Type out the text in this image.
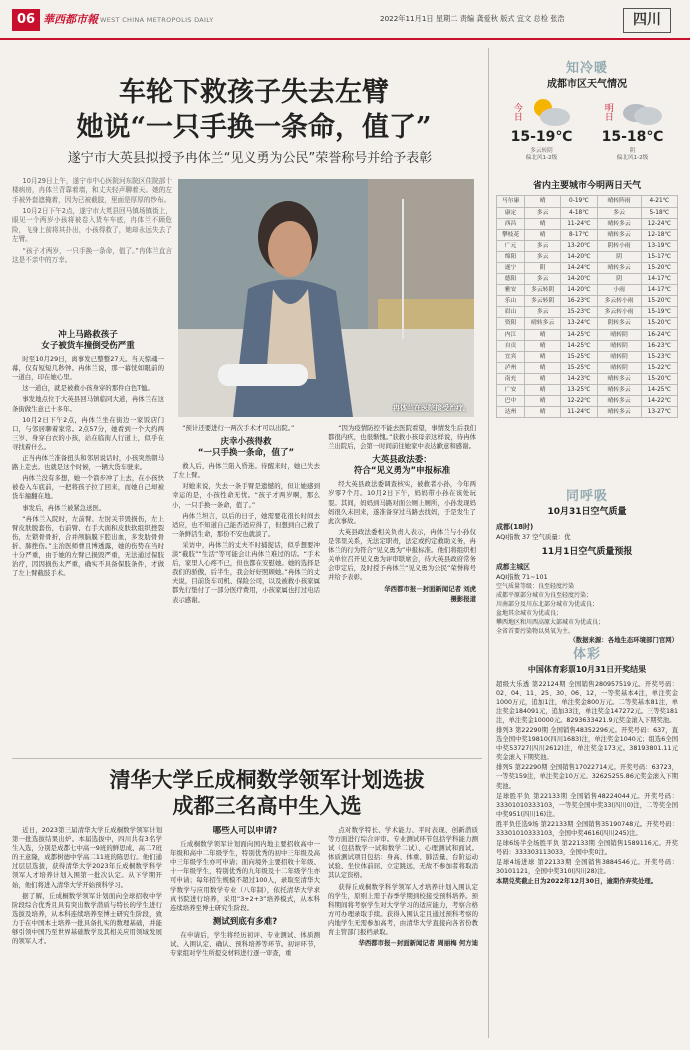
06 華西都市報 WEST CHINA METROPOLIS DAILY	2022年11月1日 星期二 责编 龚爱秋 版式 宜文 总检 张浩	四川
车轮下救孩子失去左臂
她说“一只手换一条命，值了”
遂宁市大英县拟授予冉体兰“见义勇为公民”荣誉称号并给予表彰

10月29日上午，遂宁市中心医院河东院区住院部十楼病房，冉体兰背靠着墙，和丈夫轻声聊着天。她的左手被外套遮掩着，因为已被截肢，里面是厚厚的纱布。

10月2日下午2点，遂宁市大英县回马镇场镇街上，眼见一个两岁小孩将被卷入货车车底，冉体兰不顾危险，飞身上前将其扑出，小孩得救了，她却永远失去了左臂。

“孩子才两岁，一只手换一条命，值了。”冉体兰直言这是不亲中的万幸。

冉体兰在医院接受治疗。
冲上马路救孩子
女子被货车撞倒受伤严重

时至10月29日，离事发已整整27天。当天惊魂一幕，仅有短短几秒钟。冉体兰说，那一幕恍如眼前的一道白，印在她心里。

这一道白，就是被救小孩身穿的那件白色T恤。

事发地点位于大英县回马镇临同大道，冉体兰在这条街做生意已十多年。

10月2日下午2点，冉体兰坐在街边一家饭店门口，与邻居聊着家常。2点57分，她看到一个大约两三岁、身穿白衣的小孩，站在临街人行道上，似乎在寻找着什么。

正当冉体兰准备扭头和邻居说话时，小孩突然朝马路上走去。也就是这个时候，一辆大货车驶来。

冉体兰没有多想，她一个箭步冲了上去，在小孩快被卷入车底前，一把将孩子拉了回来，而她自己却被货车撞翻在地。

事发后，冉体兰被紧急送医。

“冉体兰入院时，左前臂、左肘关节毁损伤，左上臂皮肤脱套伤，右前臂、右手大面积皮肤软组织挫裂伤，左锁骨骨折，合并颅脑膜下腔出血，多发肋骨骨折、肺挫伤。”主治医师曹且博透露，她的伤势在当时十分严重，由于她的左臂已损毁严重，无法通过保肢治疗，因因损伤太严重，确实不具备保肢条件，才做了左上臂截肢手术。

“预计还要进行一两次手术才可以出院。”

庆幸小孩得救
“一只手换一条命，值了”

救人后，冉体兰陷入昏迷。待醒来时，她已失去了左上臂。

对她来说，失去一条手臂是遗憾的，但让她感到幸运的是，小孩性命无忧。“孩子才两岁啊，那么小，一只手换一条命，值了。”

冉体兰坦言，以后的日子，她需要花很长时间去适应，也不知道自己能否适应得了，但想到自己救了一条鲜活生命，那份不安也就淡了。

采访中，冉体兰的丈夫不时捕捉话，似乎想要冲淡“截肢”“生活”等可能会让冉体兰难过的话。“手术后，家里人心疼不已，但也都在安慰她。她的选择是我们的骄傲，后半生，我会好好照顾她。”冉体兰的丈夫说，目前货车司机、保险公司，以及被救小孩家属都先行垫付了一部分医疗费用，小孩家属也打过电话表示感谢。

“因为疫情防控不能去医院看望，事情发生后我们都很内疚，也很惭愧。”获救小孩母亲这样说，待冉体兰出院后，会第一时间前往她家中表达歉意和感谢。

大英县政法委：
符合“见义勇为”申报标准

经大英县政法委调查核实，被救者小孙，今年两岁零7个月。10月2日下午，妈妈带小孙在该处玩耍。其间，妈妈到马路对面公厕上厕所，小孙发现妈妈很久未回来，遂准备穿过马路去找妈，于是发生了此次事故。

大英县政法委相关负责人表示，冉体兰与小孙仅是邻里关系，无法定职责，法定或约定救助义务，冉体兰的行为符合“见义勇为”申报标准。他们将组织相关单位召开见义勇为评审联席会，待大英县政府常务会审定后，及时授予冉体兰“见义勇为公民”荣誉称号并给予表彰。

华西都市报－封面新闻记者 刘虎
摄影报道
知冷暖
成都市区天气情况
今日
15-19℃
多云转阴
偏北风1-2级
明日
15-18℃
阴
偏北风1-2级
省内主要城市今明两日天气
马尔康	晴	0-19℃	晴转阵雨	4-21℃
康定	多云	4-18℃	多云	5-18℃
西昌	晴	11-24℃	晴转多云	12-24℃
攀枝花	晴	8-17℃	晴转多云	12-18℃
广元	多云	13-20℃	阴转小雨	13-19℃
绵阳	多云	14-20℃	阴	15-17℃
遂宁	阴	14-24℃	晴转多云	15-20℃
德阳	多云	14-20℃	阴	14-17℃
雅安	多云转阴	14-20℃	小雨	14-17℃
乐山	多云转阴	16-23℃	多云转小雨	15-20℃
眉山	多云	15-23℃	多云转小雨	15-19℃
资阳	晴转多云	13-24℃	阴转多云	15-20℃
内江	晴	14-25℃	晴转阴	16-24℃
自贡	晴	14-25℃	晴转阴	16-23℃
宜宾	晴	15-25℃	晴转阴	15-23℃
泸州	晴	15-25℃	晴转阴	15-22℃
南充	晴	14-23℃	晴转多云	15-20℃
广安	晴	13-25℃	晴转多云	14-25℃
巴中	晴	12-22℃	晴转多云	14-22℃
达州	晴	11-24℃	晴转多云	13-27℃
同呼吸
10月31日空气质量
成都(18时)
AQI指数 37 空气质量：优
11月1日空气质量预报
成都主城区
AQI指数 71~101
空气质量等级：良至轻度污染
成都平原部分城市为良至轻度污染；
川南部分及川东北部分城市为优或良；
盆地其余城市为优或良；
攀西地区和川西高原大部城市为优或良；
全省首要污染物以臭氧为主。
（数据来源：各地生态环境部门官网）
体彩
中国体育彩票10月31日开奖结果

超级大乐透 第22124期 全国销售280957519元。开奖号码：02、04、11、25、30、06、12，一等奖基本4注，单注奖金1000万元，追加1注，单注奖金800万元。二等奖基本81注，单注奖金184091元，追加33注，单注奖金147272元。三等奖181注，单注奖金10000元。8293633421.9元奖金滚入下期奖池。

排列3 第22290期 全国销售48352296元。开奖号码：637，直选全国中奖19810(四川1683)注，单注奖金1040元；组选6全国中奖53727(四川2612)注，单注奖金173元。38193801.11元奖金滚入下期奖池。

排列5 第22290期 全国销售17022714元。开奖号码：63723，一等奖159注，单注奖金10万元。32625255.86元奖金滚入下期奖池。

足球胜平负 第22133期 全国销售48224044元。开奖号码：33301010333103，一等奖全国中奖33(四川0)注，二等奖全国中奖951(四川16)注。

胜平负任选9场 第22133期 全国销售35190748元。开奖号码：33301010333103，全国中奖4616(四川245)注。

足球6场半全场胜平负 第22133期 全国销售1589116元。开奖号码：333303113033，全国中奖0注。

足球4场进球 第22133期 全国销售3884546元。开奖号码：30101121，全国中奖310(四川28)注。

本期兑奖截止日为2022年12月30日，逾期作弃奖处理。

清华大学丘成桐数学领军计划选拔
成都三名高中生入选

近日，2023第三届清华大学丘成桐数学领军计划第一批选拔结果出炉。本届选拔中，四川共有3名学生入选，分别是成都七中高一9班的鲜思成、高二7班的王意隆，成都树德中学高二11班的陈思行。他们通过层层选拔，获得清华大学2023年丘成桐数学科学领军人才培养计划入围第一批次认定。从下学期开始，他们将进入清华大学开始预科学习。

据了解，丘成桐数学领军计划面向全球招收中学阶段综合优秀且具有突出数学潜质与特长的学生进行选拔及培养，从本科连续培养至博士研究生阶段，致力于在中国本土培养一批具备扎实的数理基础，并能够引领中国乃至世界基础数学及其相关应用领域发展的领军人才。

哪些人可以申请?

丘成桐数学领军计划面向国内地主要招收高中一年级和高中二年级学生，特别优秀的初中三年级及高中三年级学生亦可申请；面向境外主要招收十年级、十一年级学生，特别优秀的九年级及十二年级学生亦可申请；每年招生规模不超过100人，录取至清华大学数学与应用数学专业（八年制），依托清华大学求真书院进行培养，采用“3+2+3”培养模式，从本科连续培养至博士研究生阶段。

测试到底有多难?

在申请后，学生将经历初评、专业测试、体质测试、入围认定、确认、预科培养等环节。初评环节，专家组对学生所提交材料进行逐一审查，重

点对数学特长、学术能力、平时表现、创新潜质等方面进行综合评审。专业测试环节包括学科能力测试（包括数学一试和数学二试）、心理测试和面试。体质测试项目包括：身高、体重、肺活量、台阶运动试验、坐位体前屈、立定跳远，无故不参加者将取消其认定资格。

获得丘成桐数学科学领军人才培养计划入围认定的学生，原则上需于春季学期到校接受预科培养。预科期间将考察学生对大学学习的适应能力，考察合格方可办理录取手续。获得入围认定且通过预科考察的内地学生无需参加高考，由清华大学直接向各省份教育主管部门报档录取。

华西都市报－封面新闻记者 周丽梅 何方迪
